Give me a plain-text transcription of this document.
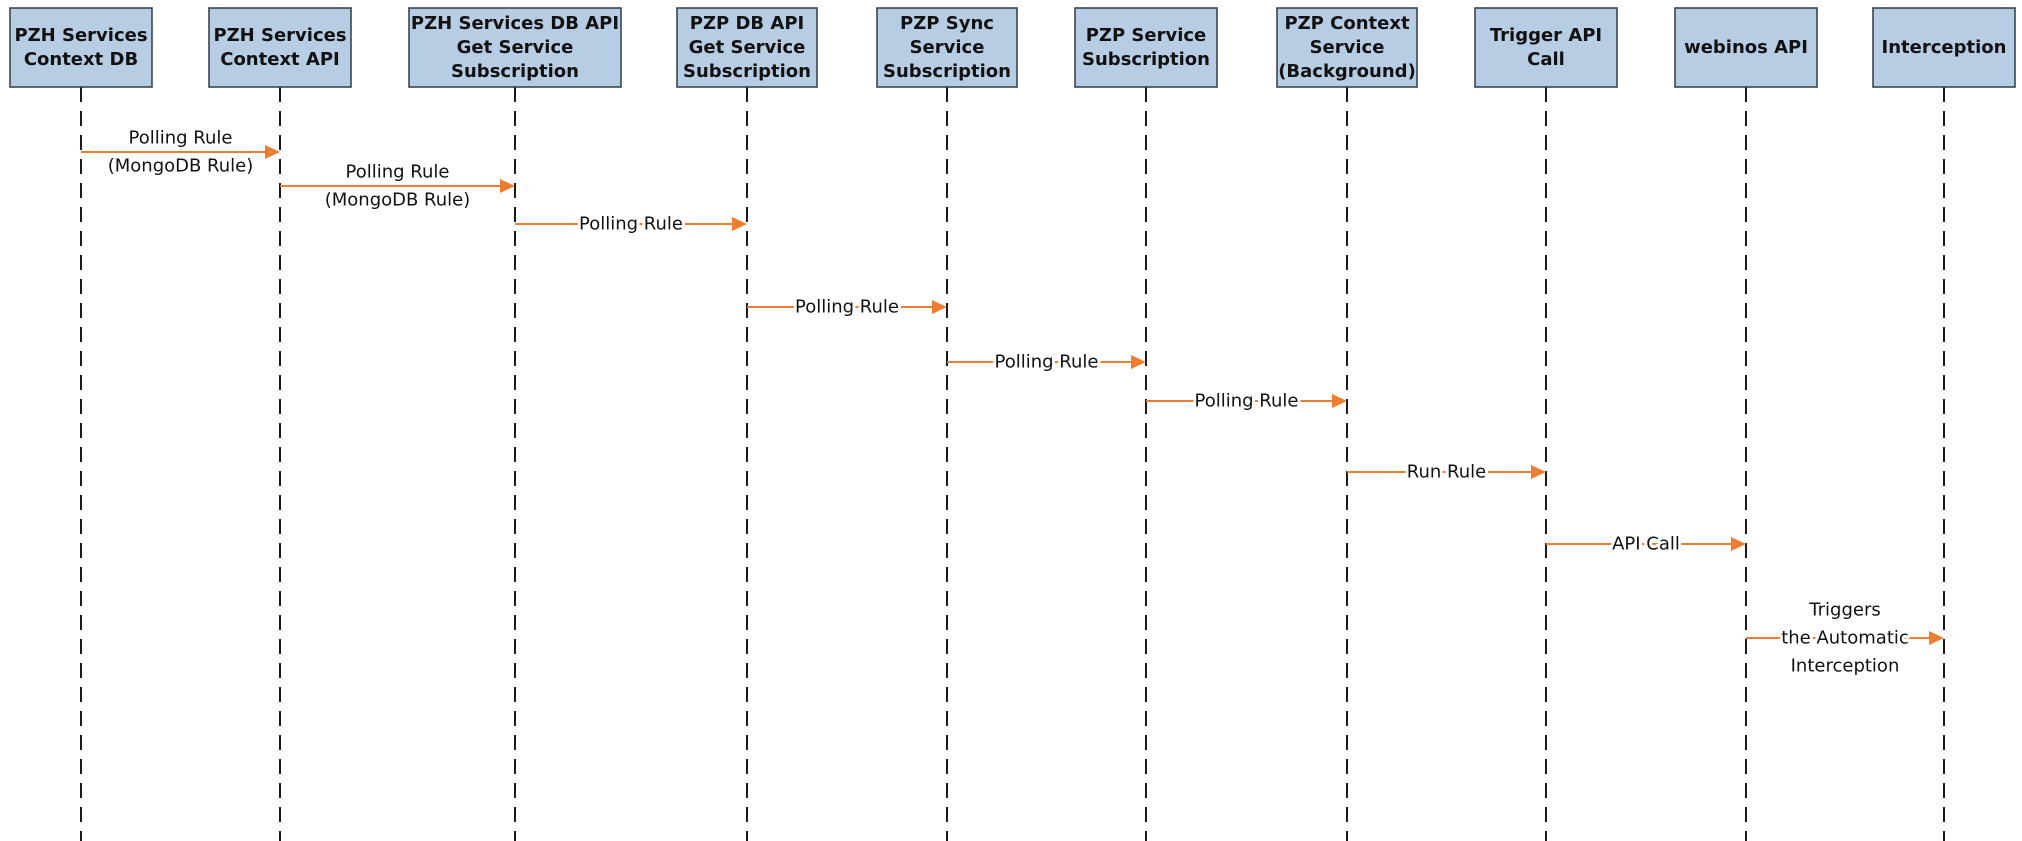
Polling Rule
(MongoDB Rule)	Polling Rule
(MongoDB Rule)
Polling Rule
Polling Rule
Polling Rule
Polling Rule
Run Rule
API Call
Triggers
the Automatic
Interception
PZH Services
Context DB
PZH Services
Context API
PZH Services DB API
Get Service
Subscription
PZP DB API
Get Service
Subscription
PZP Sync
Service
Subscription
PZP Service
Subscription
PZP Context
Service
(Background)
Trigger API
Call
webinos API	Interception
